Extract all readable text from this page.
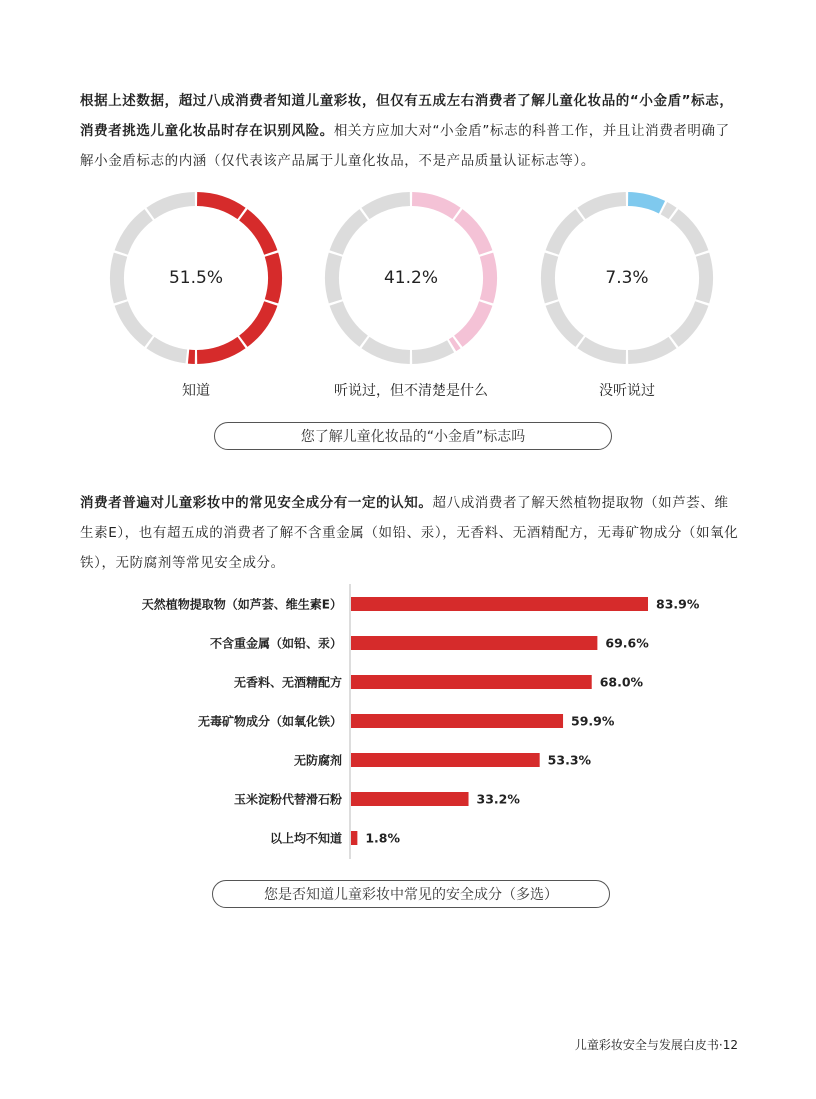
根据上述数据，超过八成消费者知道儿童彩妆，但仅有五成左右消费者了解儿童化妆品的“小金盾”标志，消费者挑选儿童化妆品时存在识别风险。相关方应加大对“小金盾”标志的科普工作，并且让消费者明确了解小金盾标志的内涵（仅代表该产品属于儿童化妆品，不是产品质量认证标志等）。

51.5%	41.2%	7.3%
知道	听说过，但不清楚是什么	没听说过
您了解儿童化妆品的“小金盾”标志吗

消费者普遍对儿童彩妆中的常见安全成分有一定的认知。超八成消费者了解天然植物提取物（如芦荟、维生素E），也有超五成的消费者了解不含重金属（如铅、汞），无香料、无酒精配方，无毒矿物成分（如氧化铁），无防腐剂等常见安全成分。

天然植物提取物（如芦荟、维生素E）	83.9%
不含重金属（如铅、汞）	69.6%
无香料、无酒精配方	68.0%
无毒矿物成分（如氧化铁）	59.9%
无防腐剂	53.3%
玉米淀粉代替滑石粉	33.2%
以上均不知道 1.8%
您是否知道儿童彩妆中常见的安全成分（多选）
儿童彩妆安全与发展白皮书·12
